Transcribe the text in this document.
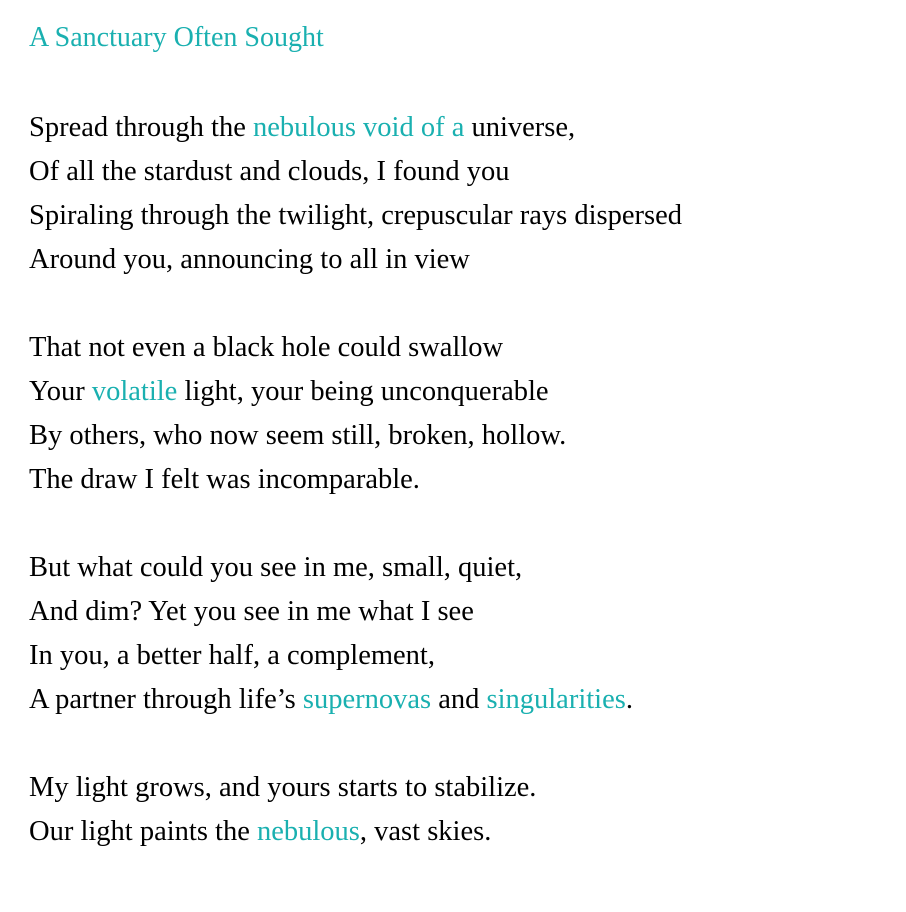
A Sanctuary Often Sought
Spread through the nebulous void of a universe,
Of all the stardust and clouds, I found you
Spiraling through the twilight, crepuscular rays dispersed
Around you, announcing to all in view
That not even a black hole could swallow
Your volatile light, your being unconquerable
By others, who now seem still, broken, hollow.
The draw I felt was incomparable.
But what could you see in me, small, quiet,
And dim? Yet you see in me what I see
In you, a better half, a complement,
A partner through life’s supernovas and singularities.
My light grows, and yours starts to stabilize.
Our light paints the nebulous, vast skies.
